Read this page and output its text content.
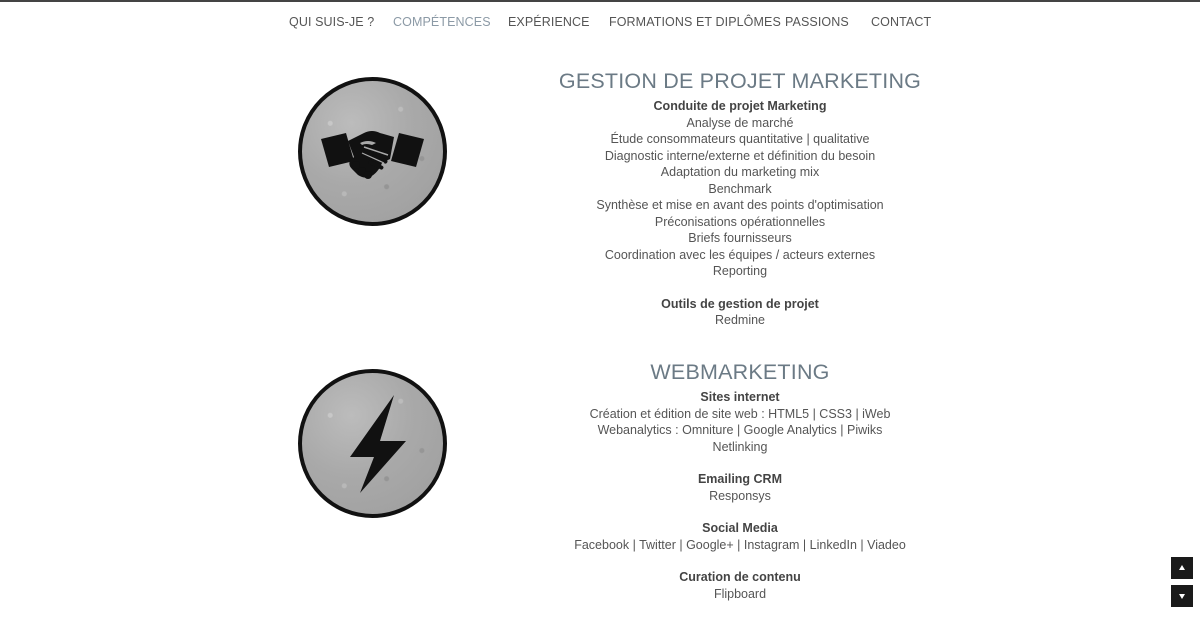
QUI SUIS-JE ? COMPÉTENCES EXPÉRIENCE FORMATIONS ET DIPLÔMES PASSIONS CONTACT
GESTION DE PROJET MARKETING
Conduite de projet Marketing
Analyse de marché
Étude consommateurs quantitative | qualitative
Diagnostic interne/externe et définition du besoin
Adaptation du marketing mix
Benchmark
Synthèse et mise en avant des points d'optimisation
Préconisations opérationnelles
Briefs fournisseurs
Coordination avec les équipes / acteurs externes
Reporting
Outils de gestion de projet
Redmine
WEBMARKETING
Sites internet
Création et édition de site web : HTML5 | CSS3 | iWeb
Webanalytics : Omniture | Google Analytics | Piwiks
Netlinking
Emailing CRM
Responsys
Social Media
Facebook | Twitter | Google+ | Instagram | LinkedIn | Viadeo
Curation de contenu
Flipboard
